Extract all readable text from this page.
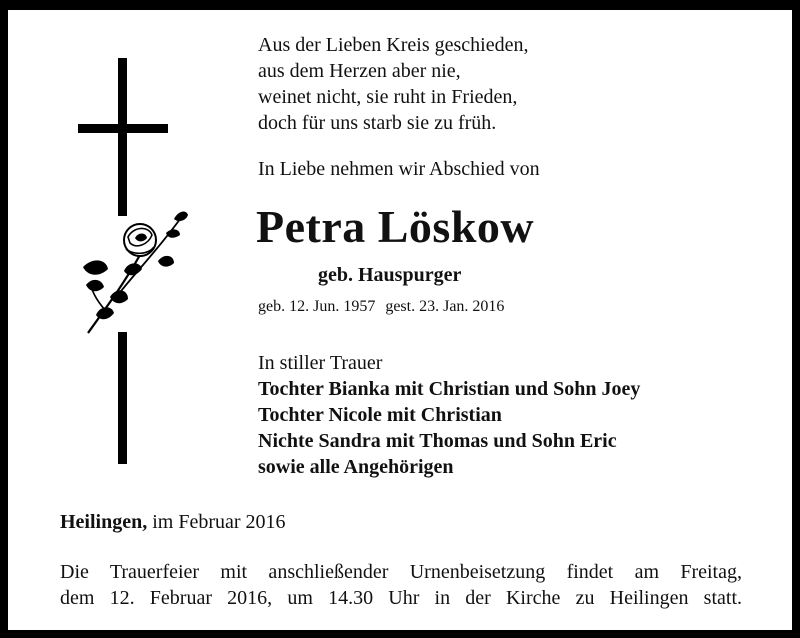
Aus der Lieben Kreis geschieden,
aus dem Herzen aber nie,
weinet nicht, sie ruht in Frieden,
doch für uns starb sie zu früh.
In Liebe nehmen wir Abschied von
Petra Löskow
geb. Hauspurger
geb. 12. Jun. 1957 gest. 23. Jan. 2016
In stiller Trauer
Tochter Bianka mit Christian und Sohn Joey
Tochter Nicole mit Christian
Nichte Sandra mit Thomas und Sohn Eric
sowie alle Angehörigen
Heilingen, im Februar 2016
Die Trauerfeier mit anschließender Urnenbeisetzung findet am Freitag,
dem 12. Februar 2016, um 14.30 Uhr in der Kirche zu Heilingen statt.
